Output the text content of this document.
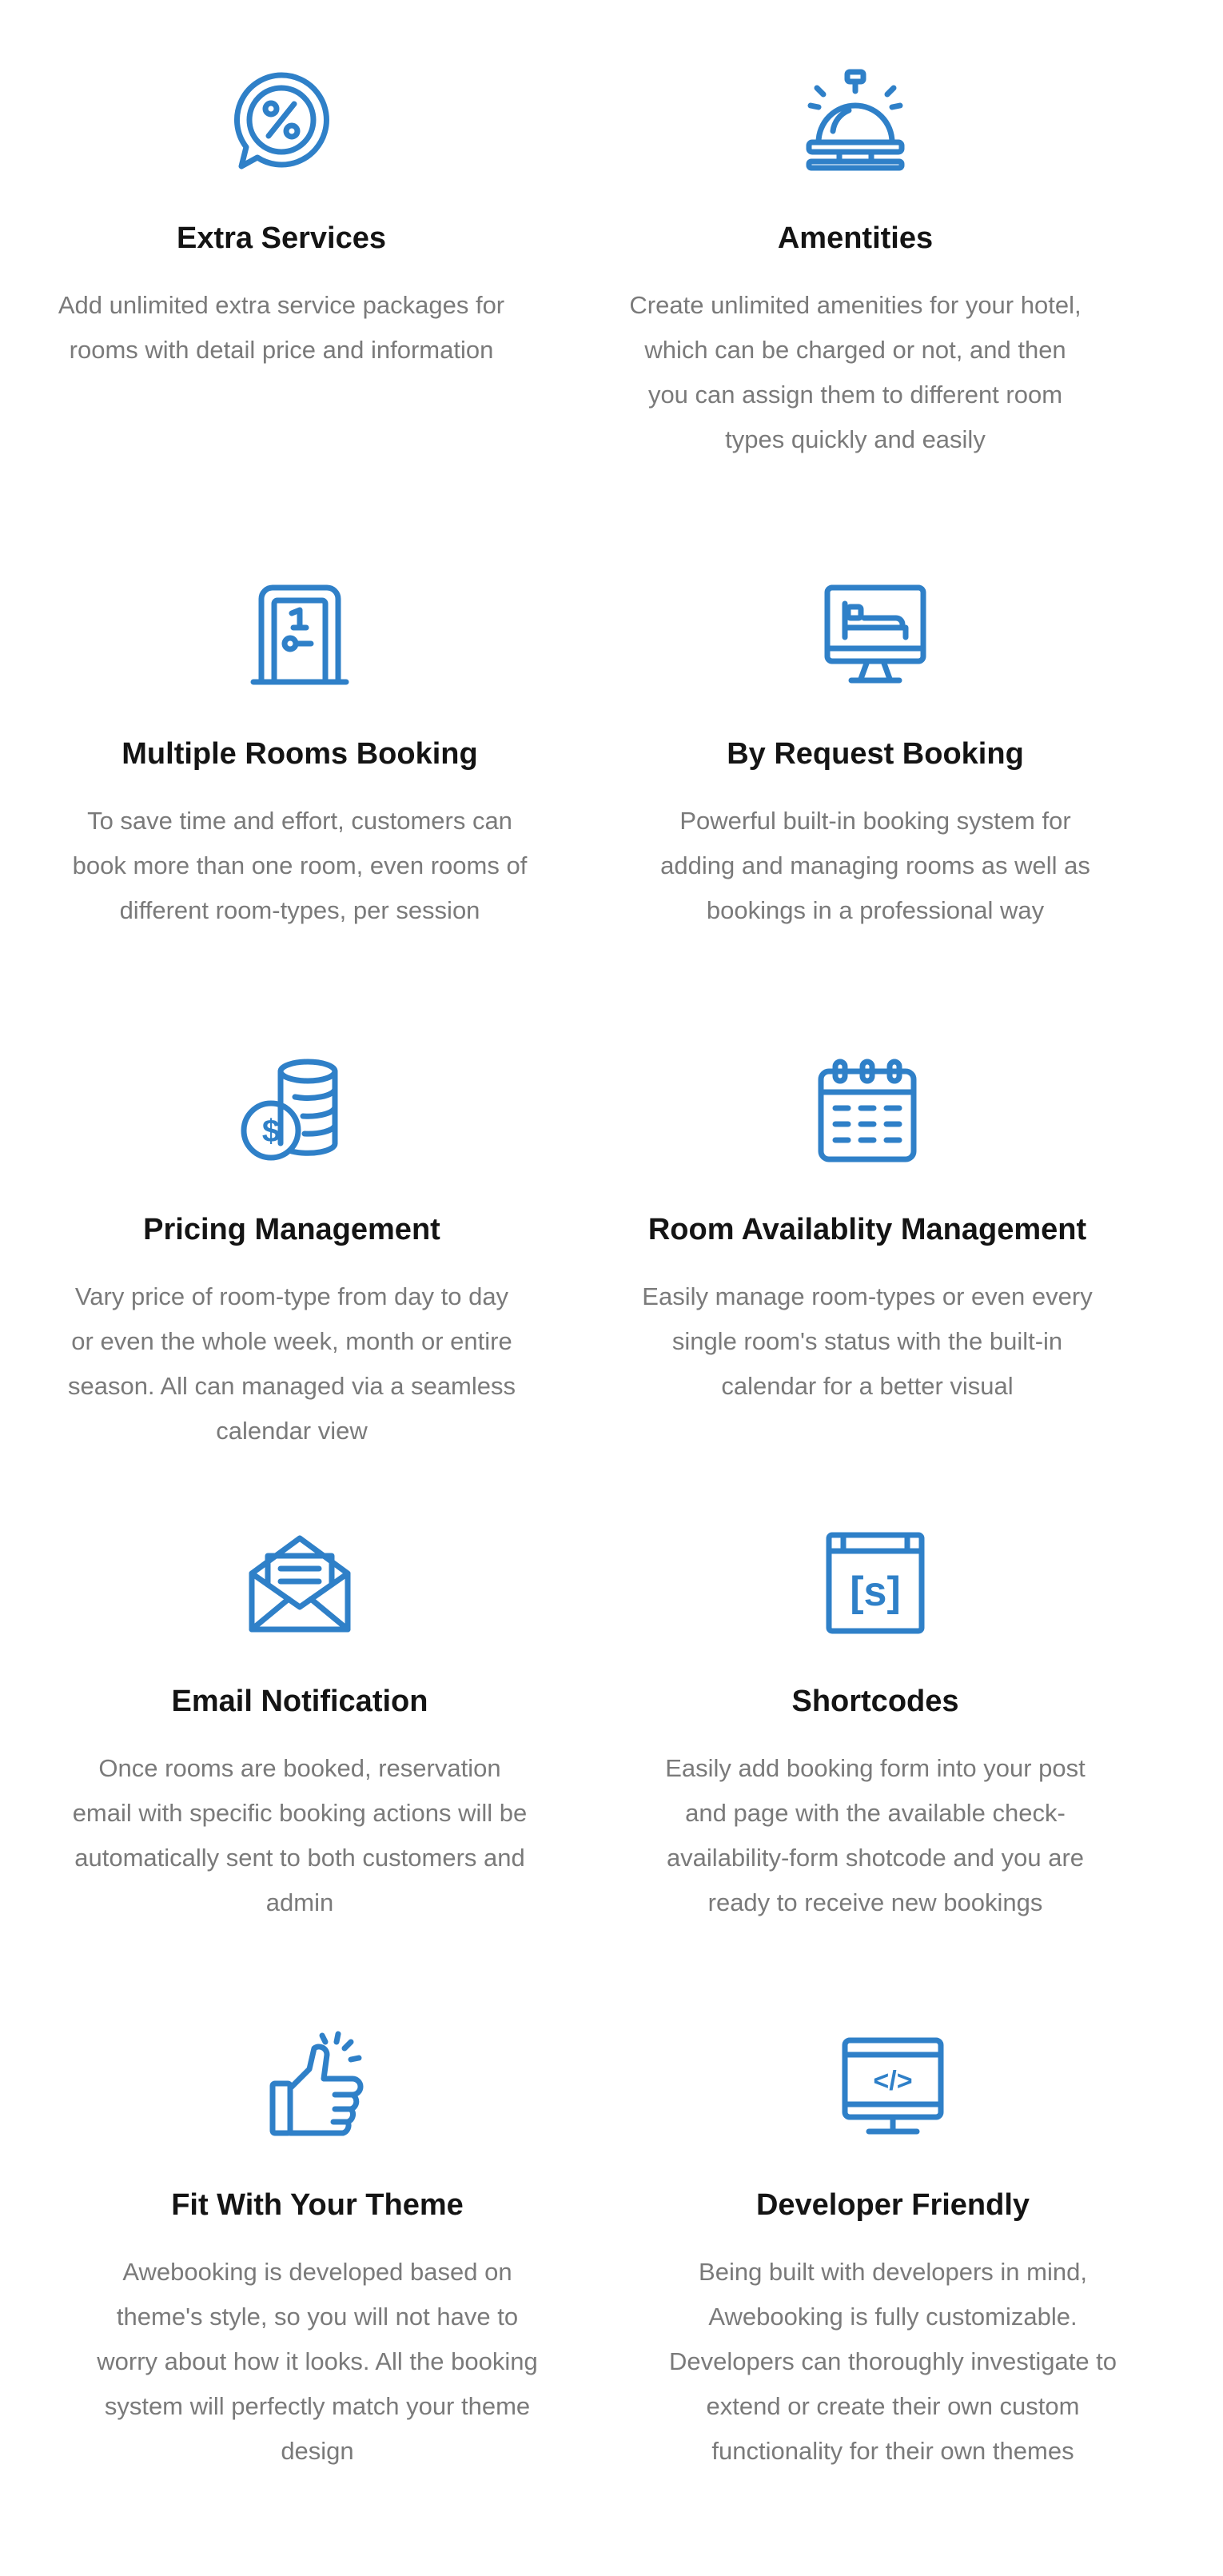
Extra Services

Add unlimited extra service packages for rooms with detail price and information

Amentities

Create unlimited amenities for your hotel, which can be charged or not, and then you can assign them to different room types quickly and easily

Multiple Rooms Booking

To save time and effort, customers can book more than one room, even rooms of different room-types, per session

By Request Booking

Powerful built-in booking system for adding and managing rooms as well as bookings in a professional way

$
Pricing Management

Vary price of room-type from day to day or even the whole week, month or entire season. All can managed via a seamless calendar view

Room Availablity Management

Easily manage room-types or even every single room's status with the built-in calendar for a better visual

Email Notification

Once rooms are booked, reservation email with specific booking actions will be automatically sent to both customers and admin

[s]
Shortcodes

Easily add booking form into your post and page with the available check-availability-form shotcode and you are ready to receive new bookings

Fit With Your Theme

Awebooking is developed based on theme's style, so you will not have to worry about how it looks. All the booking system will perfectly match your theme design

</>
Developer Friendly

Being built with developers in mind, Awebooking is fully customizable. Developers can thoroughly investigate to extend or create their own custom functionality for their own themes
